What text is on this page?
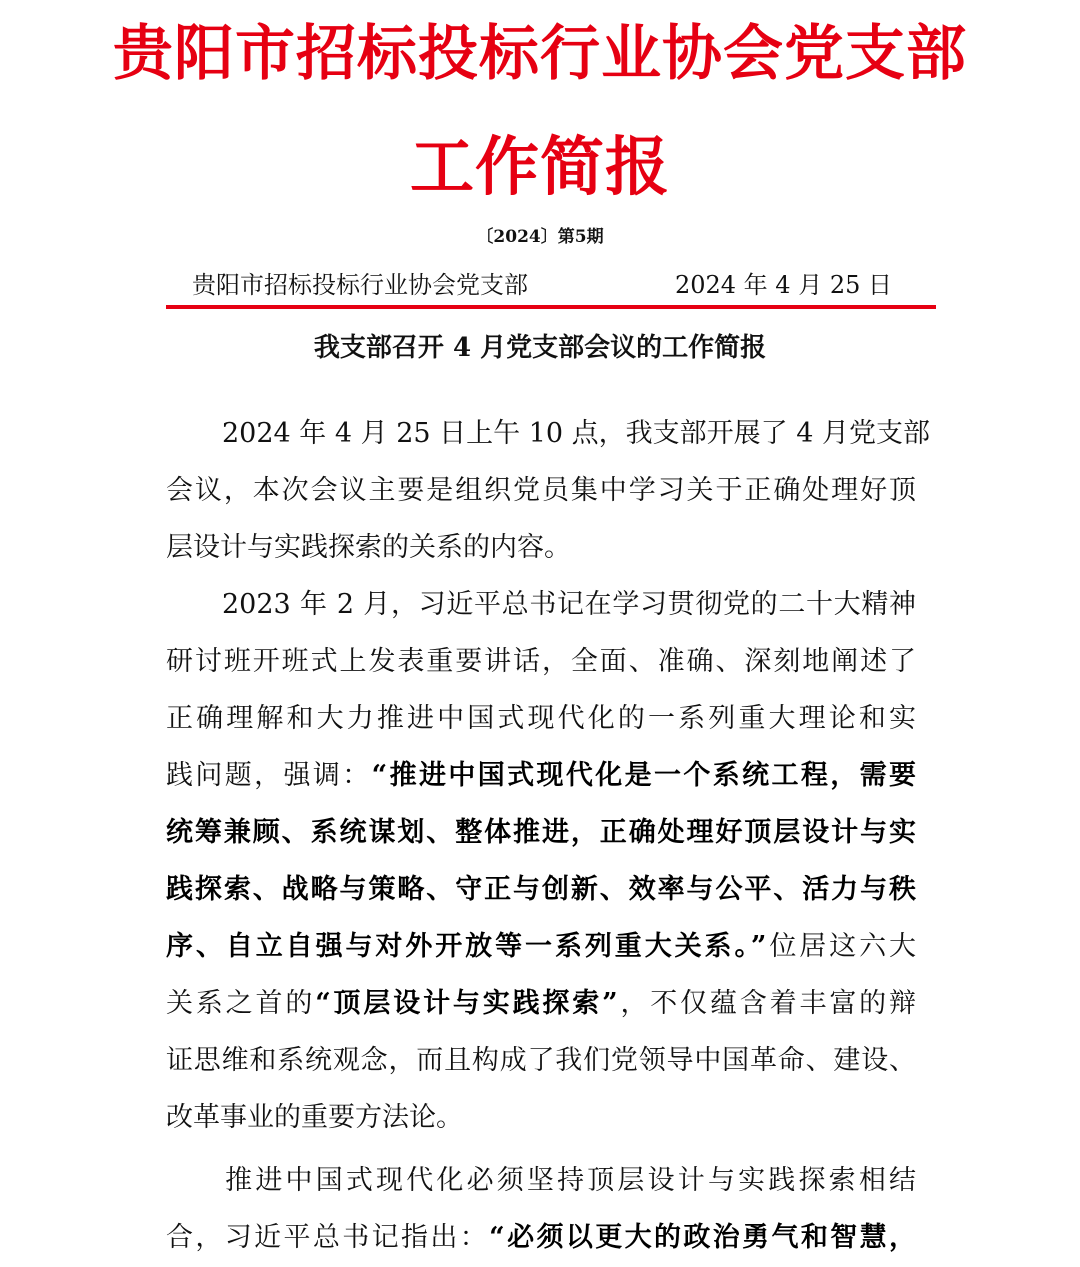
贵阳市招标投标行业协会党支部
工作简报
〔2024〕第5期
贵阳市招标投标行业协会党支部	2024 年 4 月 25 日
我支部召开 4 月党支部会议的工作简报
2024 年 4 月 25 日上午 10 点，我支部开展了 4 月党支部
会议，本次会议主要是组织党员集中学习关于正确处理好顶
层设计与实践探索的关系的内容。
2023 年 2 月，习近平总书记在学习贯彻党的二十大精神
研讨班开班式上发表重要讲话，全面、准确、深刻地阐述了
正确理解和大力推进中国式现代化的一系列重大理论和实
践问题，强调：“推进中国式现代化是一个系统工程，需要
统筹兼顾、系统谋划、整体推进，正确处理好顶层设计与实
践探索、战略与策略、守正与创新、效率与公平、活力与秩
序、自立自强与对外开放等一系列重大关系。”位居这六大
关系之首的“顶层设计与实践探索”，不仅蕴含着丰富的辩
证思维和系统观念，而且构成了我们党领导中国革命、建设、
改革事业的重要方法论。
推进中国式现代化必须坚持顶层设计与实践探索相结
合，习近平总书记指出：“必须以更大的政治勇气和智慧，
